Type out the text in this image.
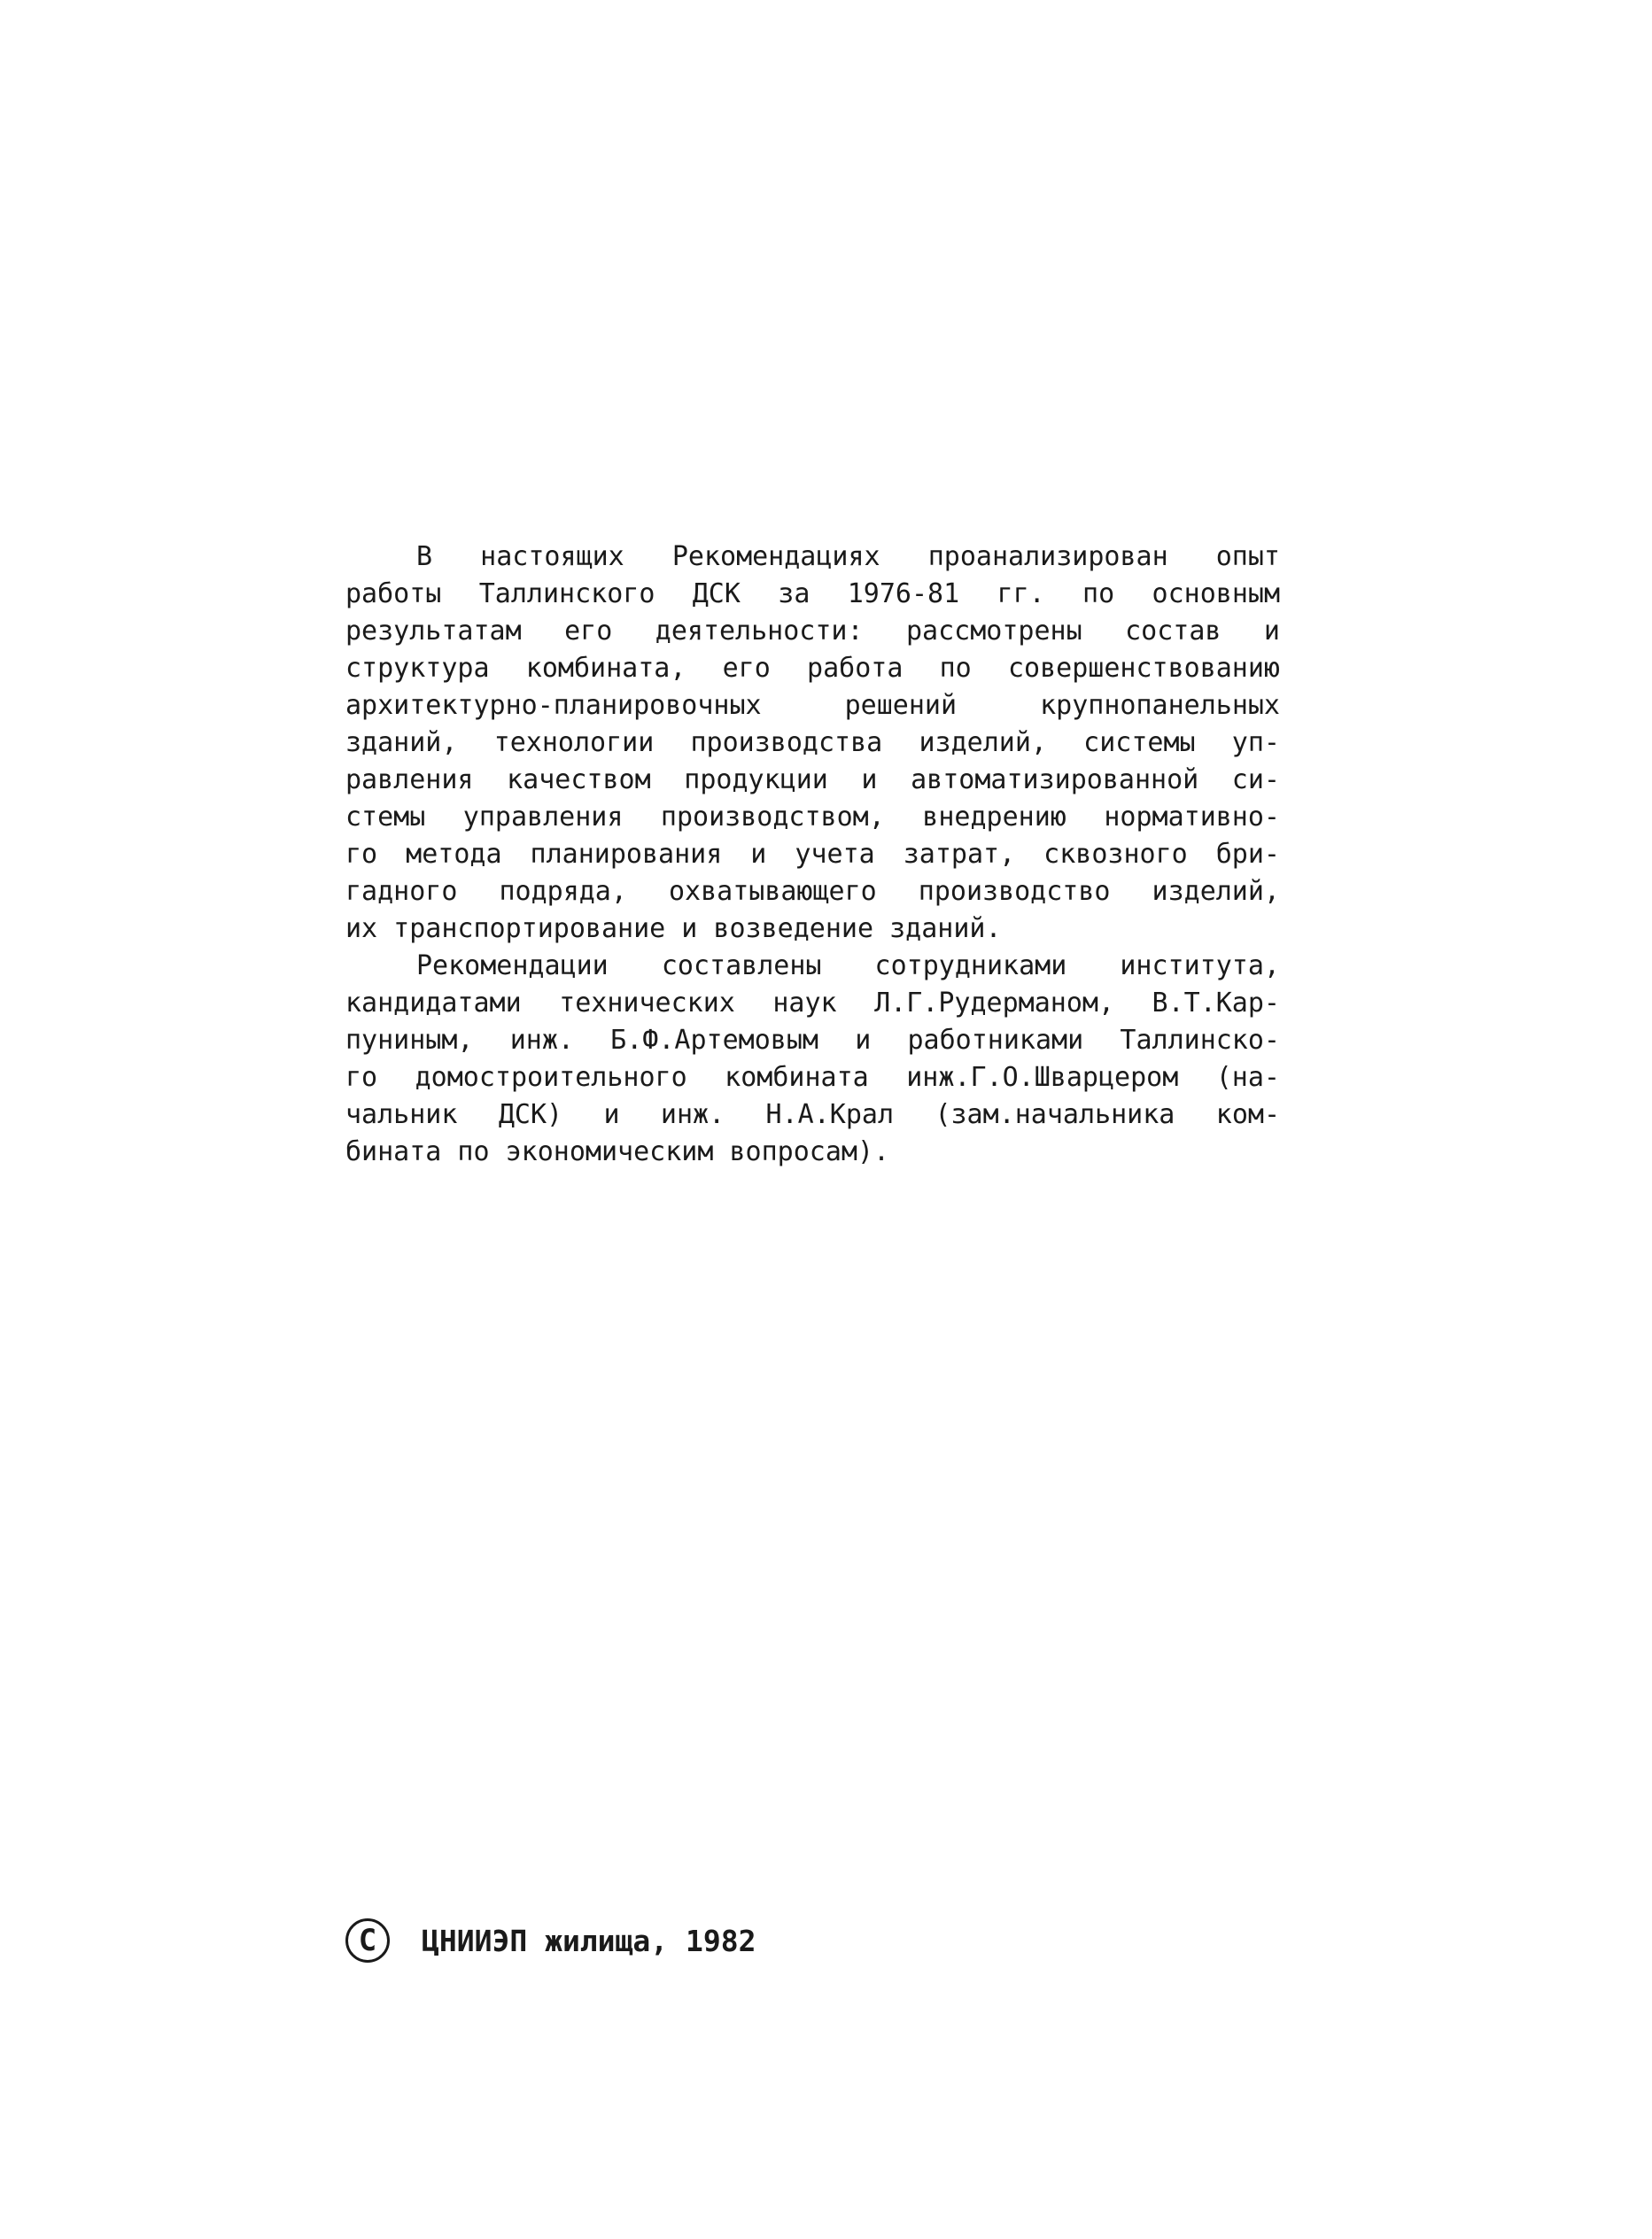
В настоящих Рекомендациях проанализирован опыт
работы Таллинского ДСК за 1976-81 гг. по основным
результатам его деятельности: рассмотрены состав и
структура комбината, его работа по совершенствованию
архитектурно-планировочных решений крупнопанельных
зданий, технологии производства изделий, системы уп-
равления качеством продукции и автоматизированной си-
стемы управления производством, внедрению нормативно-
го метода планирования и учета затрат, сквозного бри-
гадного подряда, охватывающего производство изделий,
их транспортирование и возведение зданий.
Рекомендации составлены сотрудниками института,
кандидатами технических наук Л.Г.Рудерманом, В.Т.Кар-
пуниным, инж. Б.Ф.Артемовым и работниками Таллинско-
го домостроительного комбината инж.Г.О.Шварцером (на-
чальник ДСК) и инж. Н.А.Крал (зам.начальника ком-
бината по экономическим вопросам).
C	ЦНИИЭП жилища, 1982
